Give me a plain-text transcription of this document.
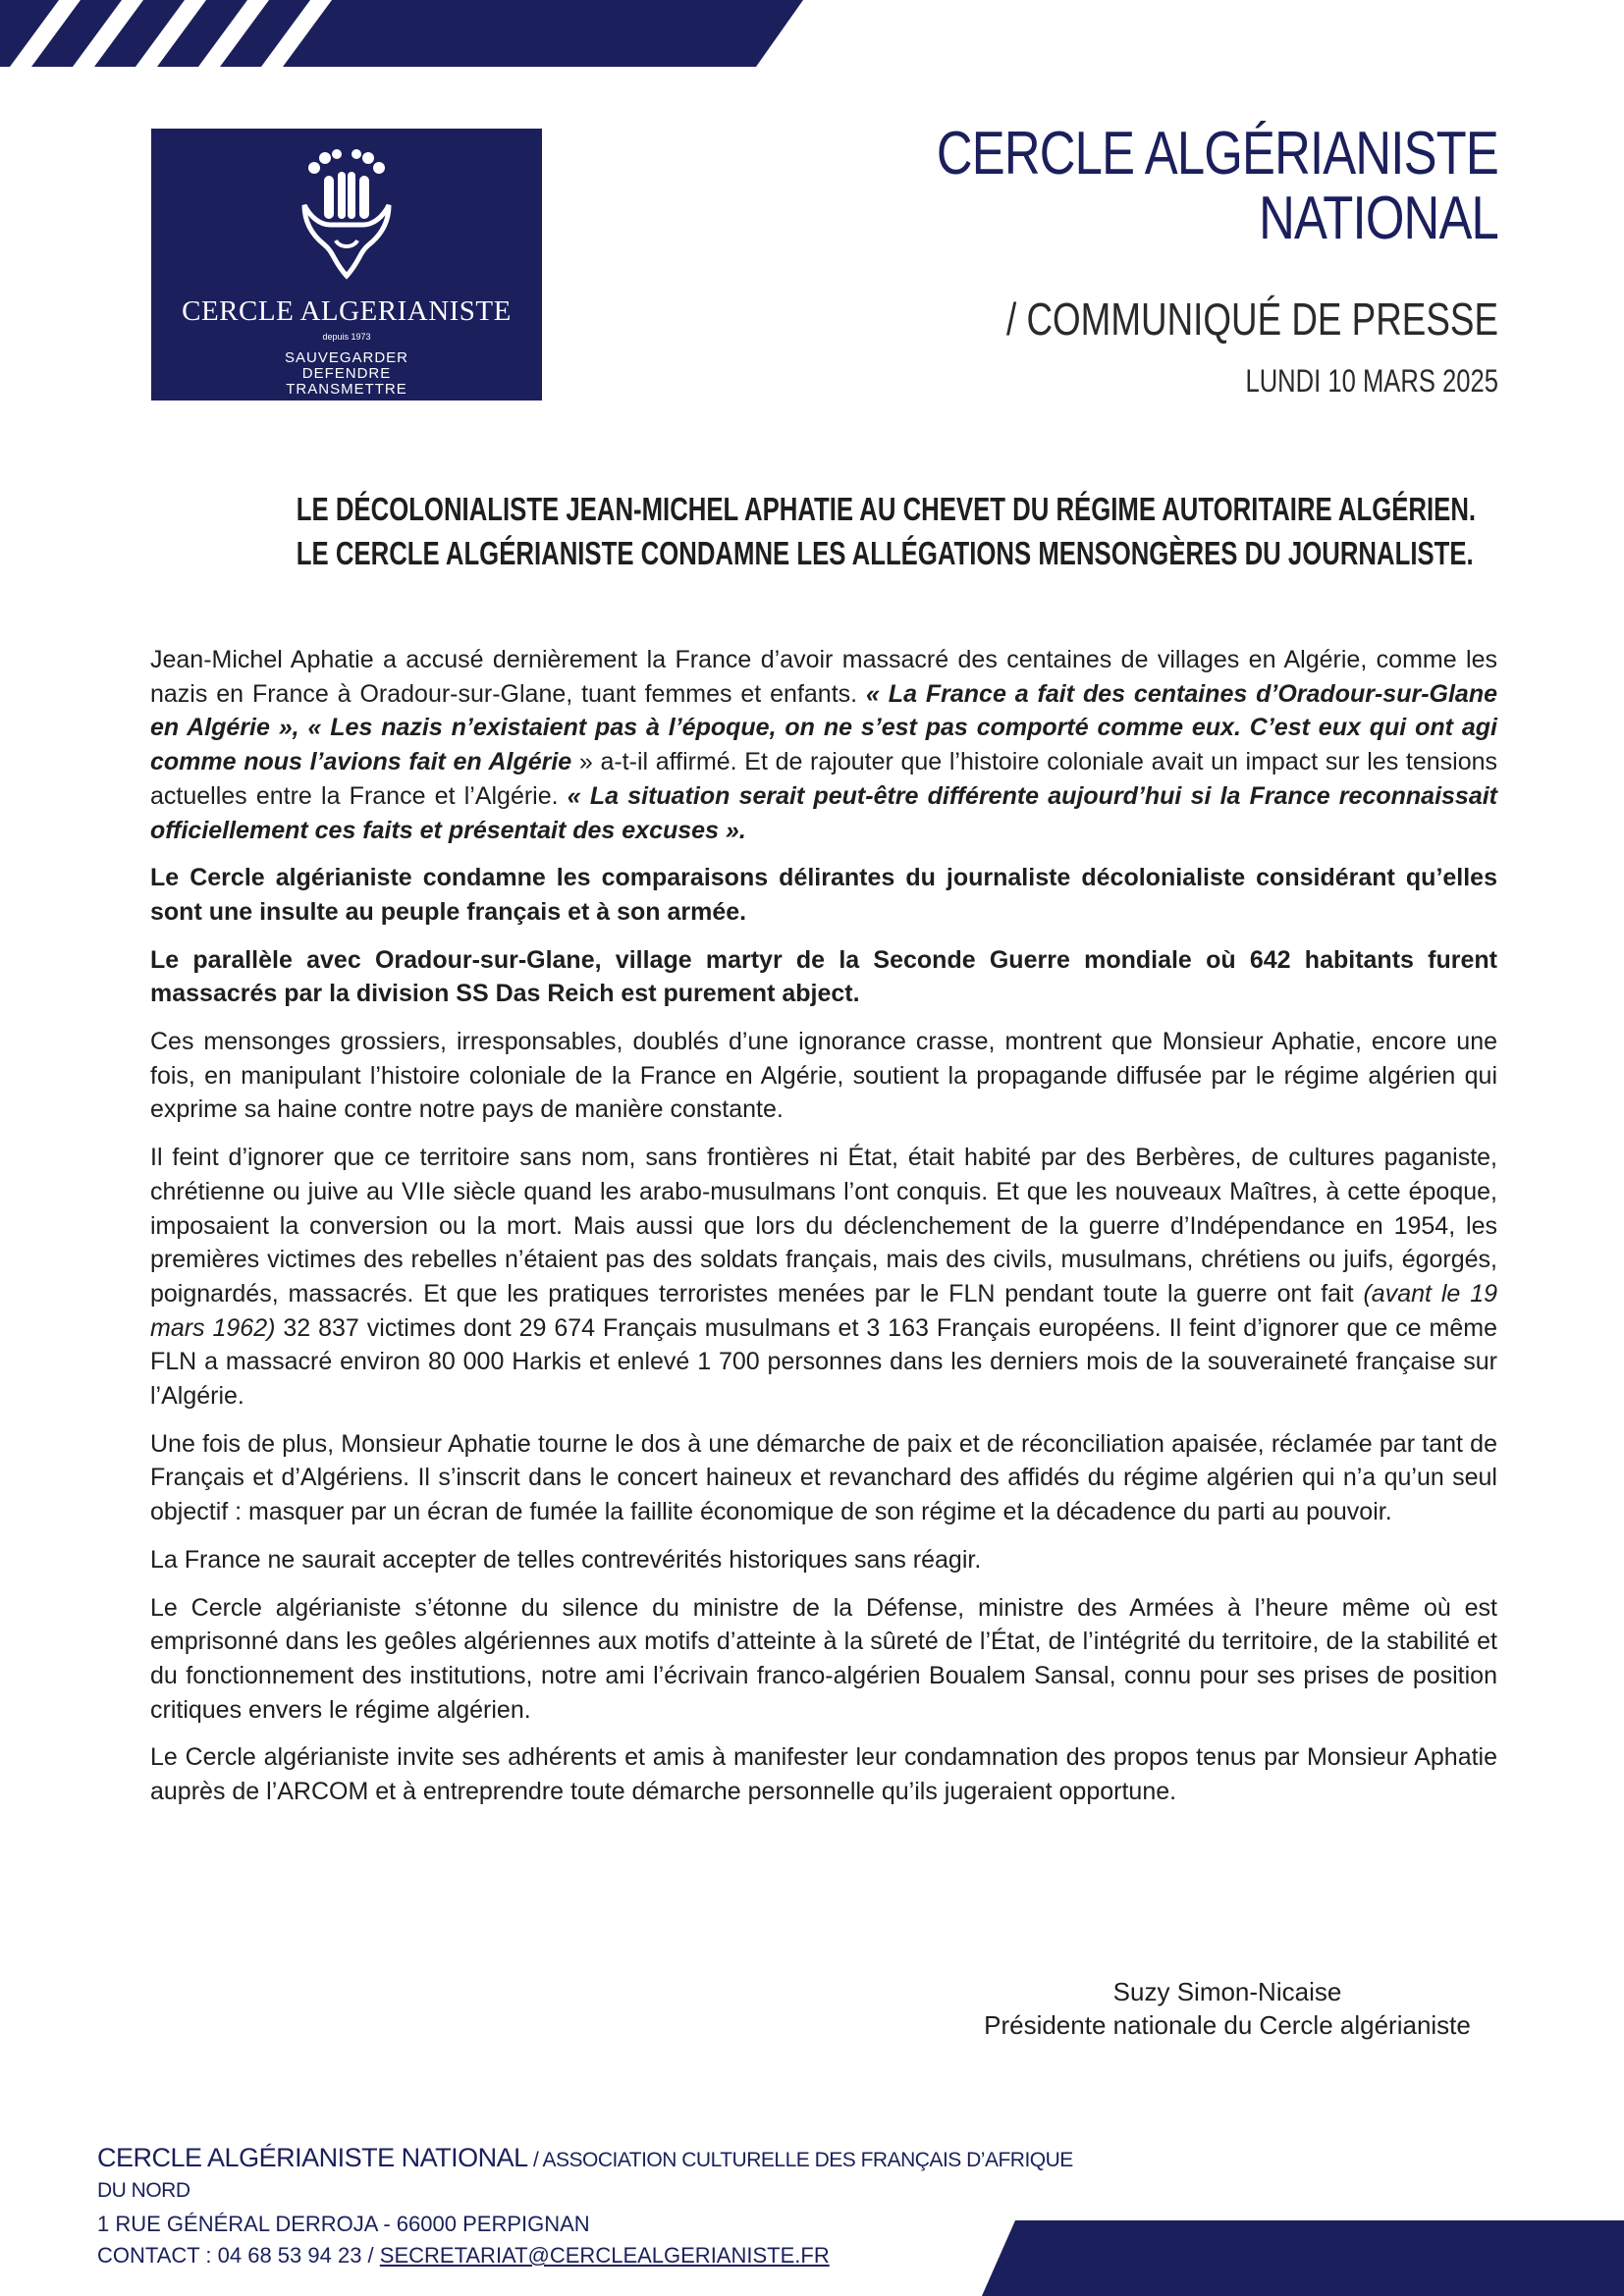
CERCLE ALGERIANISTE
depuis 1973
SAUVEGARDER DEFENDRE
TRANSMETTRE
CERCLE ALGÉRIANISTE
NATIONAL
/ COMMUNIQUÉ DE PRESSE
LUNDI 10 MARS 2025
LE DÉCOLONIALISTE JEAN-MICHEL APHATIE AU CHEVET DU RÉGIME AUTORITAIRE ALGÉRIEN.
LE CERCLE ALGÉRIANISTE CONDAMNE LES ALLÉGATIONS MENSONGÈRES DU JOURNALISTE.

Jean-Michel Aphatie a accusé dernièrement la France d’avoir massacré des centaines de villages en Algérie, comme les nazis en France à Oradour-sur-Glane, tuant femmes et enfants. « La France a fait des centaines d’Oradour-sur-Glane en Algérie », « Les nazis n’existaient pas à l’époque, on ne s’est pas comporté comme eux. C’est eux qui ont agi comme nous l’avions fait en Algérie » a-t-il affirmé. Et de rajouter que l’histoire coloniale avait un impact sur les tensions actuelles entre la France et l’Algérie. « La situation serait peut-être différente aujourd’hui si la France reconnaissait officiellement ces faits et présentait des excuses ».

Le Cercle algérianiste condamne les comparaisons délirantes du journaliste décolonialiste considérant qu’elles sont une insulte au peuple français et à son armée.

Le parallèle avec Oradour-sur-Glane, village martyr de la Seconde Guerre mondiale où 642 habitants furent massacrés par la division SS Das Reich est purement abject.

Ces mensonges grossiers, irresponsables, doublés d’une ignorance crasse, montrent que Monsieur Aphatie, encore une fois, en manipulant l’histoire coloniale de la France en Algérie, soutient la propagande diffusée par le régime algérien qui exprime sa haine contre notre pays de manière constante.

Il feint d’ignorer que ce territoire sans nom, sans frontières ni État, était habité par des Berbères, de cultures paganiste, chrétienne ou juive au VIIe siècle quand les arabo-musulmans l’ont conquis. Et que les nouveaux Maîtres, à cette époque, imposaient la conversion ou la mort. Mais aussi que lors du déclenchement de la guerre d’Indépendance en 1954, les premières victimes des rebelles n’étaient pas des soldats français, mais des civils, musulmans, chrétiens ou juifs, égorgés, poignardés, massacrés. Et que les pratiques terroristes menées par le FLN pendant toute la guerre ont fait (avant le 19 mars 1962) 32 837 victimes dont 29 674 Français musulmans et 3 163 Français européens. Il feint d’ignorer que ce même FLN a massacré environ 80 000 Harkis et enlevé 1 700 personnes dans les derniers mois de la souveraineté française sur l’Algérie.

Une fois de plus, Monsieur Aphatie tourne le dos à une démarche de paix et de réconciliation apaisée, réclamée par tant de Français et d’Algériens. Il s’inscrit dans le concert haineux et revanchard des affidés du régime algérien qui n’a qu’un seul objectif : masquer par un écran de fumée la faillite économique de son régime et la décadence du parti au pouvoir.

La France ne saurait accepter de telles contrevérités historiques sans réagir.

Le Cercle algérianiste s’étonne du silence du ministre de la Défense, ministre des Armées à l’heure même où est emprisonné dans les geôles algériennes aux motifs d’atteinte à la sûreté de l’État, de l’intégrité du territoire, de la stabilité et du fonctionnement des institutions, notre ami l’écrivain franco-algérien Boualem Sansal, connu pour ses prises de position critiques envers le régime algérien.

Le Cercle algérianiste invite ses adhérents et amis à manifester leur condamnation des propos tenus par Monsieur Aphatie auprès de l’ARCOM et à entreprendre toute démarche personnelle qu’ils jugeraient opportune.

Suzy Simon-Nicaise
Présidente nationale du Cercle algérianiste
CERCLE ALGÉRIANISTE NATIONAL / ASSOCIATION CULTURELLE DES FRANÇAIS D’AFRIQUE DU NORD
1 RUE GÉNÉRAL DERROJA - 66000 PERPIGNAN
CONTACT : 04 68 53 94 23 / SECRETARIAT@CERCLEALGERIANISTE.FR
